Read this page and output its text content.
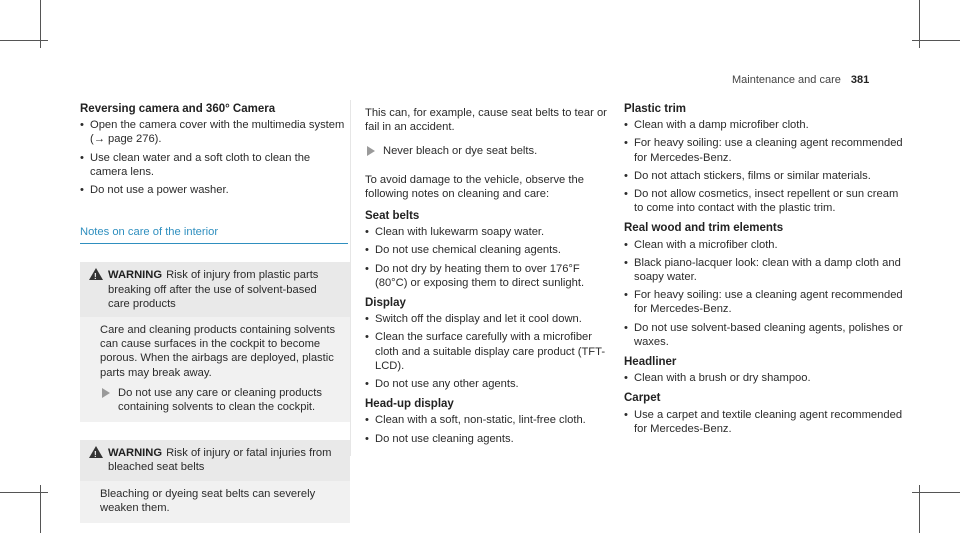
Maintenance and care 381
Reversing camera and 360° Camera
• Open the camera cover with the multimedia system (→ page 276).
• Use clean water and a soft cloth to clean the camera lens.
• Do not use a power washer.
Notes on care of the interior
!
WARNING Risk of injury from plastic parts breaking off after the use of solvent-based care products

Care and cleaning products containing solvents can cause surfaces in the cockpit to become porous. When the airbags are deployed, plastic parts may break away.

Do not use any care or cleaning products containing solvents to clean the cockpit.
!
WARNING Risk of injury or fatal injuries from bleached seat belts

Bleaching or dyeing seat belts can severely weaken them.

This can, for example, cause seat belts to tear or fail in an accident.

Never bleach or dye seat belts.

To avoid damage to the vehicle, observe the following notes on cleaning and care:

Seat belts
• Clean with lukewarm soapy water.
• Do not use chemical cleaning agents.
• Do not dry by heating them to over 176°F (80°C) or exposing them to direct sunlight.
Display
• Switch off the display and let it cool down.
• Clean the surface carefully with a microfiber cloth and a suitable display care product (TFT-LCD).
• Do not use any other agents.
Head-up display
• Clean with a soft, non-static, lint-free cloth.
• Do not use cleaning agents.
Plastic trim
• Clean with a damp microfiber cloth.
• For heavy soiling: use a cleaning agent recommended for Mercedes-Benz.
• Do not attach stickers, films or similar materials.
• Do not allow cosmetics, insect repellent or sun cream to come into contact with the plastic trim.
Real wood and trim elements
• Clean with a microfiber cloth.
• Black piano-lacquer look: clean with a damp cloth and soapy water.
• For heavy soiling: use a cleaning agent recommended for Mercedes-Benz.
• Do not use solvent-based cleaning agents, polishes or waxes.
Headliner
• Clean with a brush or dry shampoo.
Carpet
• Use a carpet and textile cleaning agent recommended for Mercedes-Benz.
